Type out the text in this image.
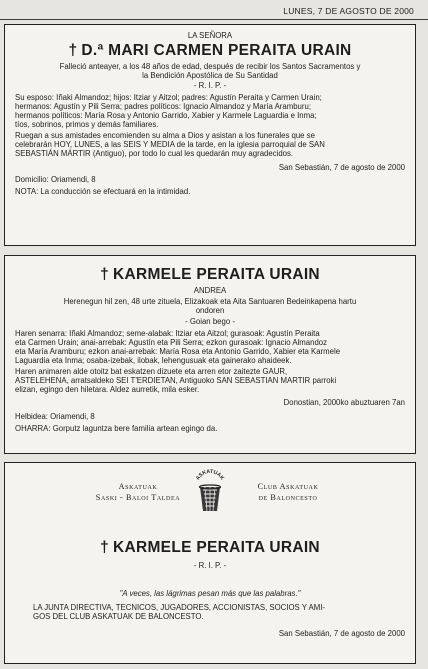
LUNES, 7 DE AGOSTO DE 2000
LA SEÑORA
† D.ª MARI CARMEN PERAITA URAIN
Falleció anteayer, a los 48 años de edad, después de recibir los Santos Sacramentos y
la Bendición Apostólica de Su Santidad
- R. I. P. -
Su esposo: Iñaki Almandoz; hijos: Itziar y Aitzol; padres: Agustín Peraita y Carmen Urain;
hermanos: Agustín y Pili Serra; padres políticos: Ignacio Almandoz y María Aramburu;
hermanos políticos: María Rosa y Antonio Garrido, Xabier y Karmele Laguardia e Inma;
tíos, sobrinos, primos y demás familiares.
Ruegan a sus amistades encomienden su alma a Dios y asistan a los funerales que se
celebrarán HOY, LUNES, a las SEIS Y MEDIA de la tarde, en la iglesia parroquial de SAN
SEBASTIÁN MÁRTIR (Antiguo), por todo lo cual les quedarán muy agradecidos.
San Sebastián, 7 de agosto de 2000
Domicilio: Oriamendi, 8
NOTA: La conducción se efectuará en la intimidad.
† KARMELE PERAITA URAIN
ANDREA
Herenegun hil zen, 48 urte zituela, Elizakoak eta Aita Santuaren Bedeinkapena hartu
ondoren
- Goian bego -
Haren senarra: Iñaki Almandoz; seme-alabak: Itziar eta Aitzol; gurasoak: Agustín Peraita
eta Carmen Urain; anai-arrebak: Agustín eta Pili Serra; ezkon gurasoak: Ignacio Almandoz
eta María Aramburu; ezkon anai-arrebak: María Rosa eta Antonio Garrido, Xabier eta Karmele
Laguardia eta Inma; osaba-izebak, ilobak, lehengusuak eta gainerako ahaideek.
Haren animaren alde otoitz bat eskatzen dizuete eta arren etor zaitezte GAUR,
ASTELEHENA, arratsaldeko SEI T'ERDIETAN, Antiguoko SAN SEBASTIAN MARTIR parroki
elizan, egingo den hiletara. Aldez aurretik, mila esker.
Donostian, 2000ko abuztuaren 7an
Helbidea: Oriamendi, 8
OHARRA: Gorputz laguntza bere familia artean egingo da.
Askatuak
Saski - Baloi Taldea
ASKATUAK
Club Askatuak
de Baloncesto
† KARMELE PERAITA URAIN
- R. I. P. -
"A veces, las lágrimas pesan más que las palabras."
LA JUNTA DIRECTIVA, TECNICOS, JUGADORES, ACCIONISTAS, SOCIOS Y AMI-
GOS DEL CLUB ASKATUAK DE BALONCESTO.
San Sebastián, 7 de agosto de 2000
